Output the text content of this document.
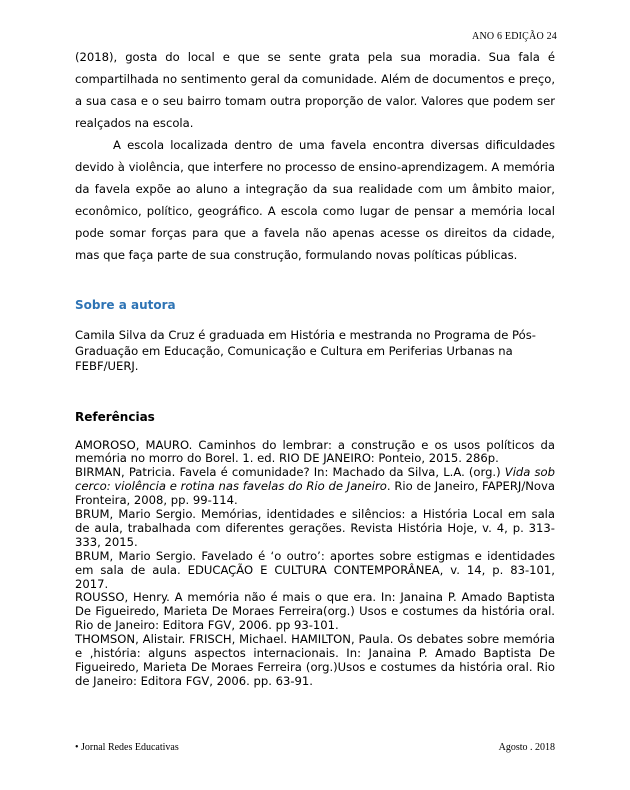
ANO 6 EDIÇÃO 24

(2018), gosta do local e que se sente grata pela sua moradia. Sua fala é compartilhada no sentimento geral da comunidade. Além de documentos e preço, a sua casa e o seu bairro tomam outra proporção de valor. Valores que podem ser realçados na escola.

A escola localizada dentro de uma favela encontra diversas dificuldades devido à violência, que interfere no processo de ensino-aprendizagem. A memória da favela expõe ao aluno a integração da sua realidade com um âmbito maior, econômico, político, geográfico. A escola como lugar de pensar a memória local pode somar forças para que a favela não apenas acesse os direitos da cidade, mas que faça parte de sua construção, formulando novas políticas públicas.

Sobre a autora

Camila Silva da Cruz é graduada em História e mestranda no Programa de Pós-Graduação em Educação, Comunicação e Cultura em Periferias Urbanas na FEBF/UERJ.

Referências

AMOROSO, MAURO. Caminhos do lembrar: a construção e os usos políticos da memória no morro do Borel. 1. ed. RIO DE JANEIRO: Ponteio, 2015. 286p.

BIRMAN, Patricia. Favela é comunidade? In: Machado da Silva, L.A. (org.) Vida sob cerco: violência e rotina nas favelas do Rio de Janeiro. Rio de Janeiro, FAPERJ/Nova Fronteira, 2008, pp. 99-114.

BRUM, Mario Sergio. Memórias, identidades e silêncios: a História Local em sala de aula, trabalhada com diferentes gerações. Revista História Hoje, v. 4, p. 313-333, 2015.

BRUM, Mario Sergio. Favelado é ‘o outro’: aportes sobre estigmas e identidades em sala de aula. EDUCAÇÃO E CULTURA CONTEMPORÂNEA, v. 14, p. 83-101, 2017.

ROUSSO, Henry. A memória não é mais o que era. In: Janaina P. Amado Baptista De Figueiredo, Marieta De Moraes Ferreira(org.) Usos e costumes da história oral. Rio de Janeiro: Editora FGV, 2006. pp 93-101.

THOMSON, Alistair. FRISCH, Michael. HAMILTON, Paula. Os debates sobre memória e ,história: alguns aspectos internacionais. In: Janaina P. Amado Baptista De Figueiredo, Marieta De Moraes Ferreira (org.)Usos e costumes da história oral. Rio de Janeiro: Editora FGV, 2006. pp. 63-91.

• Jornal Redes Educativas	Agosto . 2018
